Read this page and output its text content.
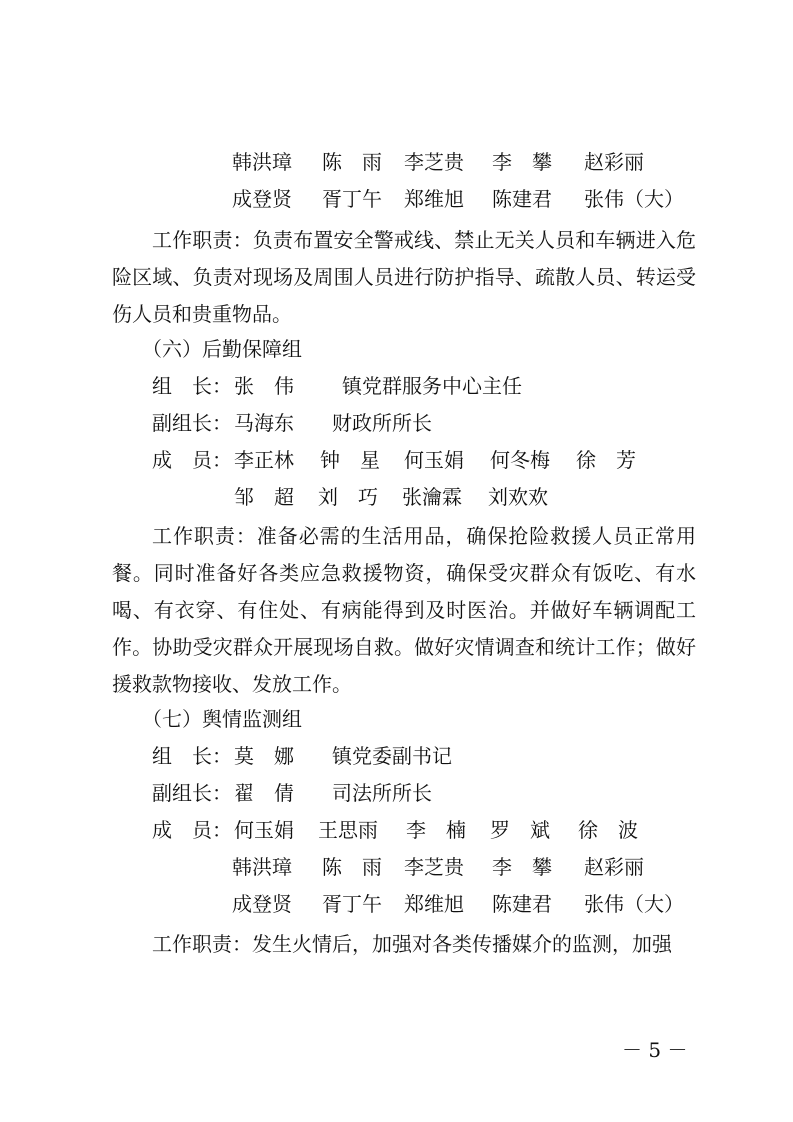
韩洪璋	陈　雨	李芝贵	李　攀	赵彩丽
成登贤	胥丁午	郑维旭	陈建君	张伟（大）
工作职责：负责布置安全警戒线、禁止无关人员和车辆进入危险区域、负责对现场及周围人员进行防护指导、疏散人员、转运受伤人员和贵重物品。
（六）后勤保障组
组　长： 张　伟	镇党群服务中心主任
副组长： 马海东	财政所所长
成　员： 李正林	钟　星	何玉娟	何冬梅	徐　芳
邹　超	刘　巧	张瀹霖	刘欢欢
工作职责：准备必需的生活用品，确保抢险救援人员正常用餐。同时准备好各类应急救援物资，确保受灾群众有饭吃、有水喝、有衣穿、有住处、有病能得到及时医治。并做好车辆调配工作。协助受灾群众开展现场自救。做好灾情调查和统计工作；做好援救款物接收、发放工作。
（七）舆情监测组
组　长： 莫　娜	镇党委副书记
副组长： 翟　倩	司法所所长
成　员： 何玉娟	王思雨	李　楠	罗　斌	徐　波
韩洪璋	陈　雨	李芝贵	李　攀	赵彩丽
成登贤	胥丁午	郑维旭	陈建君	张伟（大）
工作职责：发生火情后，加强对各类传播媒介的监测，加强
－ 5 －
